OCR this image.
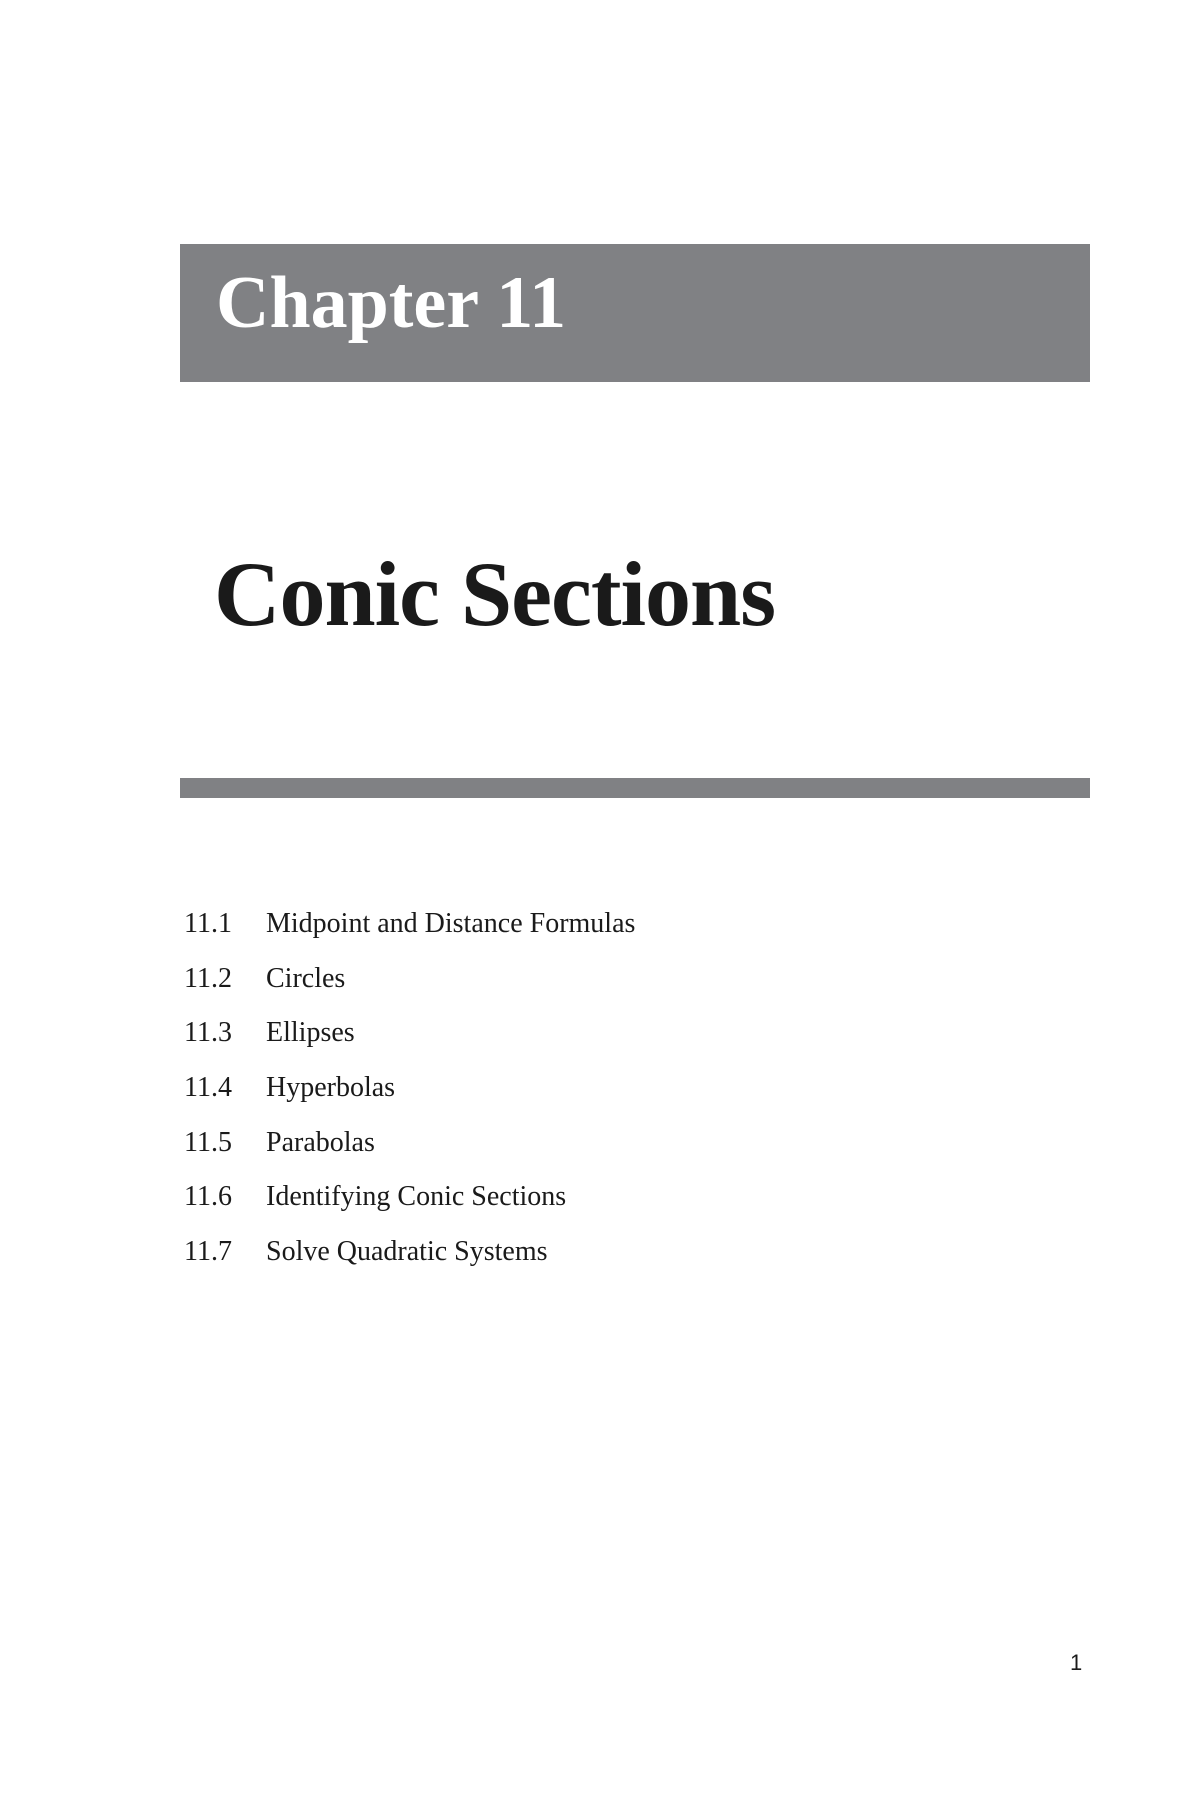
Chapter 11
Conic Sections
11.1	Midpoint and Distance Formulas
11.2	Circles
11.3	Ellipses
11.4	Hyperbolas
11.5	Parabolas
11.6	Identifying Conic Sections
11.7	Solve Quadratic Systems
1
